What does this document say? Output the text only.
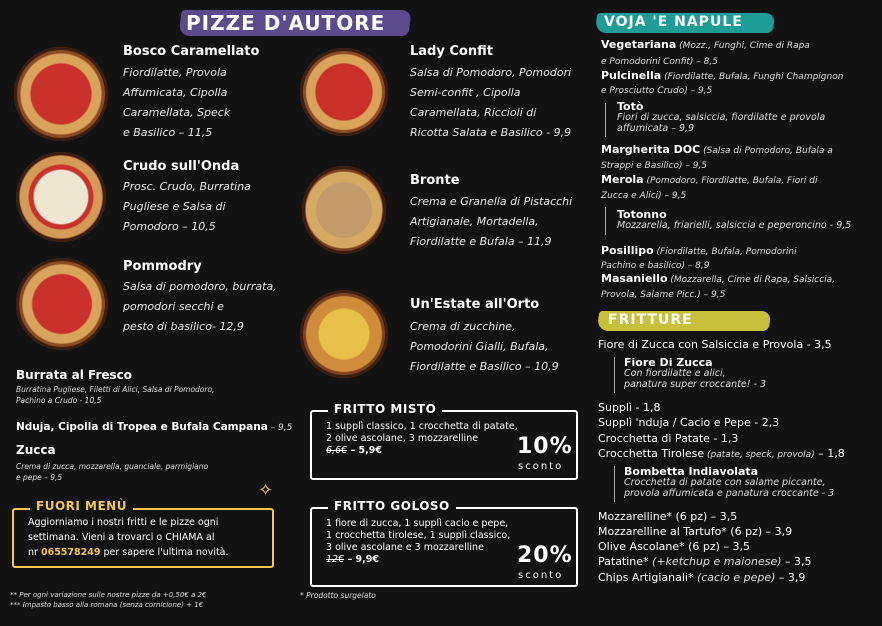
PIZZE D'AUTORE
Bosco Caramellato
Fiordilatte, Provola
Affumicata, Cipolla
Caramellata, Speck
e Basilico – 11,5
Crudo sull'Onda
Prosc. Crudo, Burratina
Pugliese e Salsa di
Pomodoro – 10,5
Pommodry
Salsa di pomodoro, burrata,
pomodori secchi e
pesto di basilico- 12,9
Lady Confit
Salsa di Pomodoro, Pomodori
Semi-confit , Cipolla
Caramellata, Riccioli di
Ricotta Salata e Basilico - 9,9
Bronte
Crema e Granella di Pistacchi
Artigianale, Mortadella,
Fiordilatte e Bufala – 11,9
Un'Estate all'Orto
Crema di zucchine,
Pomodorini Gialli, Bufala,
Fiordilatte e Basilico – 10,9
Burrata al Fresco
Burratina Pugliese, Filetti di Alici, Salsa di Pomodoro,
Pachino a Crudo - 10,5
Nduja, Cipolla di Tropea e Bufala Campana – 9,5
Zucca
Crema di zucca, mozzarella, guanciale, parmigiano
e pepe – 9,5
FUORI MENÙ
✧
Aggiorniamo i nostri fritti e le pizze ogni
settimana. Vieni a trovarci o CHIAMA al
nr 065578249 per sapere l'ultima novità.
** Per ogni variazione sulle nostre pizze da +0,50€ a 2€
*** Impasto basso alla romana (senza cornicione) + 1€
FRITTO MISTO
1 supplì classico, 1 crocchetta di patate,
2 olive ascolane, 3 mozzarelline
6,6€ – 5,9€	10%
sconto
FRITTO GOLOSO
1 fiore di zucca, 1 supplì cacio e pepe,
1 crocchetta tirolese, 1 supplì classico,
3 olive ascolane e 3 mozzarelline
12€ – 9,9€	20%
sconto
* Prodotto surgelato
VOJA 'E NAPULE
Vegetariana (Mozz., Funghi, Cime di Rapa
e Pomodorini Confit) – 8,5
Pulcinella (Fiordilatte, Bufala, Funghi Champignon
e Prosciutto Crudo) – 9,5
Totò
Fiori di zucca, salsiccia, fiordilatte e provola
affumicata – 9,9
Margherita DOC (Salsa di Pomodoro, Bufala a
Strappi e Basilico) – 9,5
Merola (Pomodoro, Fiordilatte, Bufala, Fiori di
Zucca e Alici) – 9,5
Totonno
Mozzarella, friarielli, salsiccia e peperoncino - 9,5
Posillipo (Fiordilatte, Bufala, Pomodorini
Pachino e basilico) – 8,9
Masaniello (Mozzarella, Cime di Rapa, Salsiccia,
Provola, Salame Picc.) – 9,5
FRITTURE
Fiore di Zucca con Salsiccia e Provola - 3,5
Fiore Di Zucca
Con fiordilatte e alici,
panatura super croccante! - 3
Supplì - 1,8
Supplì 'nduja / Cacio e Pepe - 2,3
Crocchetta di Patate - 1,3
Crocchetta Tirolese (patate, speck, provola) – 1,8
Bombetta Indiavolata
Crocchetta di patate con salame piccante,
provola affumicata e panatura croccante - 3
Mozzarelline* (6 pz) – 3,5
Mozzarelline al Tartufo* (6 pz) – 3,9
Olive Ascolane* (6 pz) – 3,5
Patatine* (+ketchup e maionese) – 3,5
Chips Artigianali* (cacio e pepe) – 3,9
